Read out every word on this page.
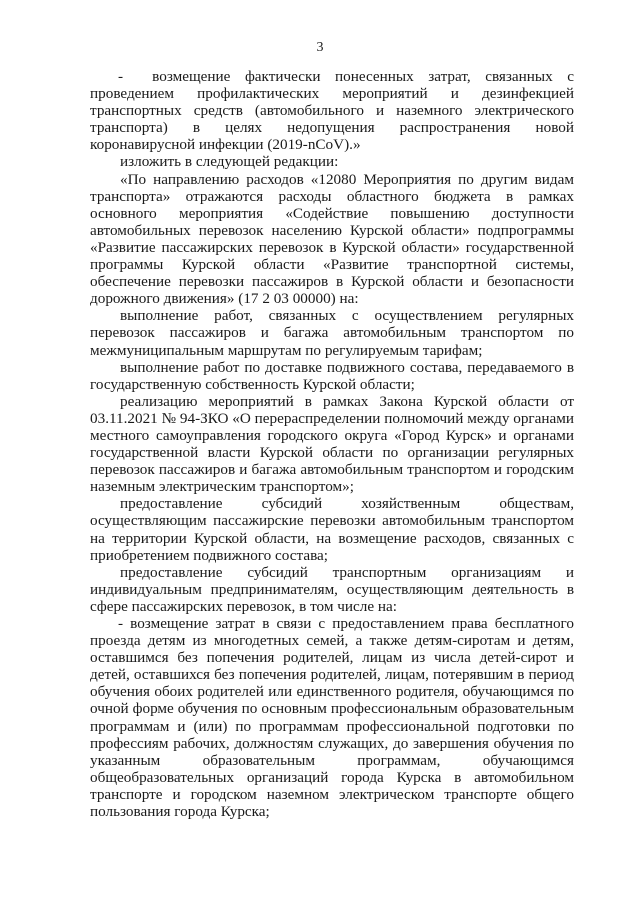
3

-  возмещение фактически понесенных затрат, связанных с проведением профилактических мероприятий и дезинфекцией транспортных средств (автомобильного и наземного электрического транспорта) в целях недопущения распространения новой коронавирусной инфекции (2019-nCoV).»

изложить в следующей редакции:

«По направлению расходов «12080 Мероприятия по другим видам транспорта» отражаются расходы областного бюджета в рамках основного мероприятия «Содействие повышению доступности автомобильных перевозок населению Курской области» подпрограммы «Развитие пассажирских перевозок в Курской области» государственной программы Курской области «Развитие транспортной системы, обеспечение перевозки пассажиров в Курской области и безопасности дорожного движения» (17 2 03 00000) на:

выполнение работ, связанных с осуществлением регулярных перевозок пассажиров и багажа автомобильным транспортом по межмуниципальным маршрутам по регулируемым тарифам;

выполнение работ по доставке подвижного состава, передаваемого в государственную собственность Курской области;

реализацию мероприятий в рамках Закона Курской области от 03.11.2021 № 94-ЗКО «О перераспределении полномочий между органами местного самоуправления городского округа «Город Курск» и органами государственной власти Курской области по организации регулярных перевозок пассажиров и багажа автомобильным транспортом и городским наземным электрическим транспортом»;

предоставление субсидий хозяйственным обществам, осуществляющим пассажирские перевозки автомобильным транспортом на территории Курской области, на возмещение расходов, связанных с приобретением подвижного состава;

предоставление субсидий транспортным организациям и индивидуальным предпринимателям, осуществляющим деятельность в сфере пассажирских перевозок, в том числе на:

- возмещение затрат в связи с предоставлением права бесплатного проезда детям из многодетных семей, а также детям-сиротам и детям, оставшимся без попечения родителей, лицам из числа детей-сирот и детей, оставшихся без попечения родителей, лицам, потерявшим в период обучения обоих родителей или единственного родителя, обучающимся по очной форме обучения по основным профессиональным образовательным программам и (или) по программам профессиональной подготовки по профессиям рабочих, должностям служащих, до завершения обучения по указанным образовательным программам, обучающимся общеобразовательных организаций города Курска в автомобильном транспорте и городском наземном электрическом транспорте общего пользования города Курска;
